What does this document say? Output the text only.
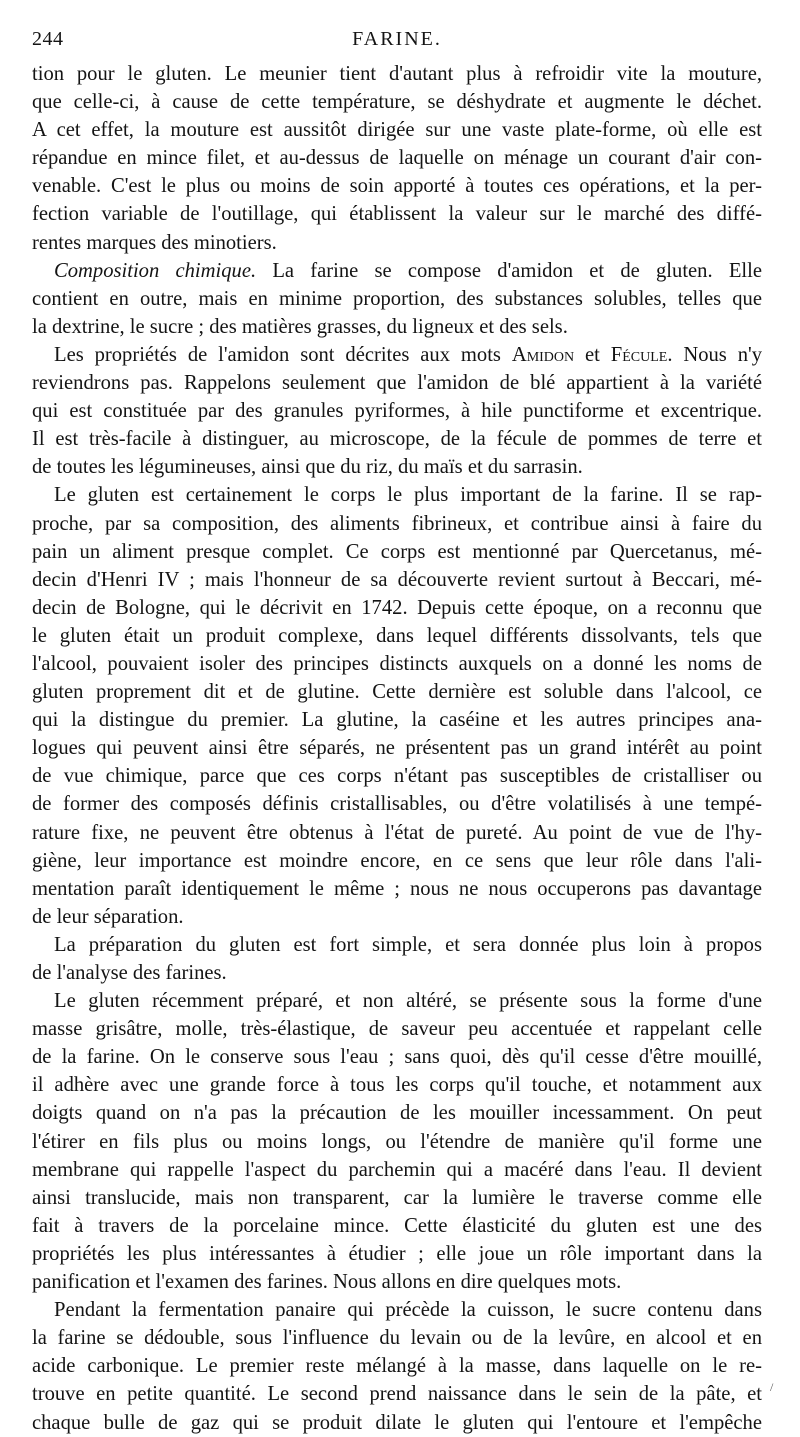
244	FARINE.
tion pour le gluten. Le meunier tient d'autant plus à refroidir vite la mouture,
que celle-ci, à cause de cette température, se déshydrate et augmente le déchet.
A cet effet, la mouture est aussitôt dirigée sur une vaste plate-forme, où elle est
répandue en mince filet, et au-dessus de laquelle on ménage un courant d'air con-
venable. C'est le plus ou moins de soin apporté à toutes ces opérations, et la per-
fection variable de l'outillage, qui établissent la valeur sur le marché des diffé-
rentes marques des minotiers.
Composition chimique. La farine se compose d'amidon et de gluten. Elle
contient en outre, mais en minime proportion, des substances solubles, telles que
la dextrine, le sucre ; des matières grasses, du ligneux et des sels.
Les propriétés de l'amidon sont décrites aux mots Amidon et Fécule. Nous n'y
reviendrons pas. Rappelons seulement que l'amidon de blé appartient à la variété
qui est constituée par des granules pyriformes, à hile punctiforme et excentrique.
Il est très-facile à distinguer, au microscope, de la fécule de pommes de terre et
de toutes les légumineuses, ainsi que du riz, du maïs et du sarrasin.
Le gluten est certainement le corps le plus important de la farine. Il se rap-
proche, par sa composition, des aliments fibrineux, et contribue ainsi à faire du
pain un aliment presque complet. Ce corps est mentionné par Quercetanus, mé-
decin d'Henri IV ; mais l'honneur de sa découverte revient surtout à Beccari, mé-
decin de Bologne, qui le décrivit en 1742. Depuis cette époque, on a reconnu que
le gluten était un produit complexe, dans lequel différents dissolvants, tels que
l'alcool, pouvaient isoler des principes distincts auxquels on a donné les noms de
gluten proprement dit et de glutine. Cette dernière est soluble dans l'alcool, ce
qui la distingue du premier. La glutine, la caséine et les autres principes ana-
logues qui peuvent ainsi être séparés, ne présentent pas un grand intérêt au point
de vue chimique, parce que ces corps n'étant pas susceptibles de cristalliser ou
de former des composés définis cristallisables, ou d'être volatilisés à une tempé-
rature fixe, ne peuvent être obtenus à l'état de pureté. Au point de vue de l'hy-
giène, leur importance est moindre encore, en ce sens que leur rôle dans l'ali-
mentation paraît identiquement le même ; nous ne nous occuperons pas davantage
de leur séparation.
La préparation du gluten est fort simple, et sera donnée plus loin à propos
de l'analyse des farines.
Le gluten récemment préparé, et non altéré, se présente sous la forme d'une
masse grisâtre, molle, très-élastique, de saveur peu accentuée et rappelant celle
de la farine. On le conserve sous l'eau ; sans quoi, dès qu'il cesse d'être mouillé,
il adhère avec une grande force à tous les corps qu'il touche, et notamment aux
doigts quand on n'a pas la précaution de les mouiller incessamment. On peut
l'étirer en fils plus ou moins longs, ou l'étendre de manière qu'il forme une
membrane qui rappelle l'aspect du parchemin qui a macéré dans l'eau. Il devient
ainsi translucide, mais non transparent, car la lumière le traverse comme elle
fait à travers de la porcelaine mince. Cette élasticité du gluten est une des
propriétés les plus intéressantes à étudier ; elle joue un rôle important dans la
panification et l'examen des farines. Nous allons en dire quelques mots.
Pendant la fermentation panaire qui précède la cuisson, le sucre contenu dans
la farine se dédouble, sous l'influence du levain ou de la levûre, en alcool et en
acide carbonique. Le premier reste mélangé à la masse, dans laquelle on le re-
trouve en petite quantité. Le second prend naissance dans le sein de la pâte, et
chaque bulle de gaz qui se produit dilate le gluten qui l'entoure et l'empêche
/
